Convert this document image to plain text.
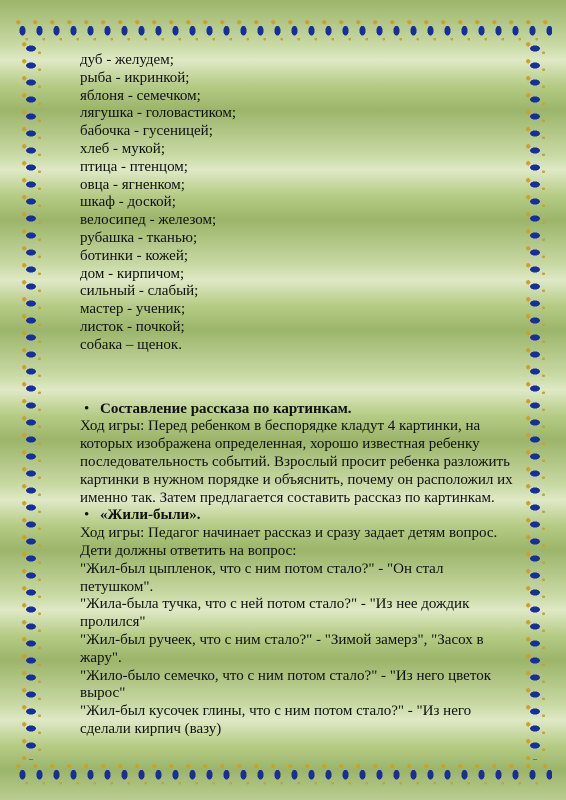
дуб - желудем;
рыба - икринкой;
яблоня - семечком;
лягушка - головастиком;
бабочка - гусеницей;
хлеб - мукой;
птица - птенцом;
овца - ягненком;
шкаф - доской;
велосипед - железом;
рубашка - тканью;
ботинки - кожей;
дом - кирпичом;
сильный - слабый;
мастер - ученик;
листок - почкой;
собака – щенок.
• Составление рассказа по картинкам.

Ход игры: Перед ребенком в беспорядке кладут 4 картинки, на которых изображена определенная, хорошо известная ребенку последовательность событий. Взрослый просит ребенка разложить картинки в нужном порядке и объяснить, почему он расположил их именно так. Затем предлагается составить рассказ по картинкам.

• «Жили-были».

Ход игры: Педагог начинает рассказ и сразу задает детям вопрос. Дети должны ответить на вопрос:

"Жил-был цыпленок, что с ним потом стало?" - "Он стал петушком".
"Жила-была тучка, что с ней потом стало?" - "Из нее дождик пролился"
"Жил-был ручеек, что с ним стало?" - "Зимой замерз", "Засох в жару".
"Жило-было семечко, что с ним потом стало?" - "Из него цветок вырос"
"Жил-был кусочек глины, что с ним потом стало?" - "Из него сделали кирпич (вазу)
